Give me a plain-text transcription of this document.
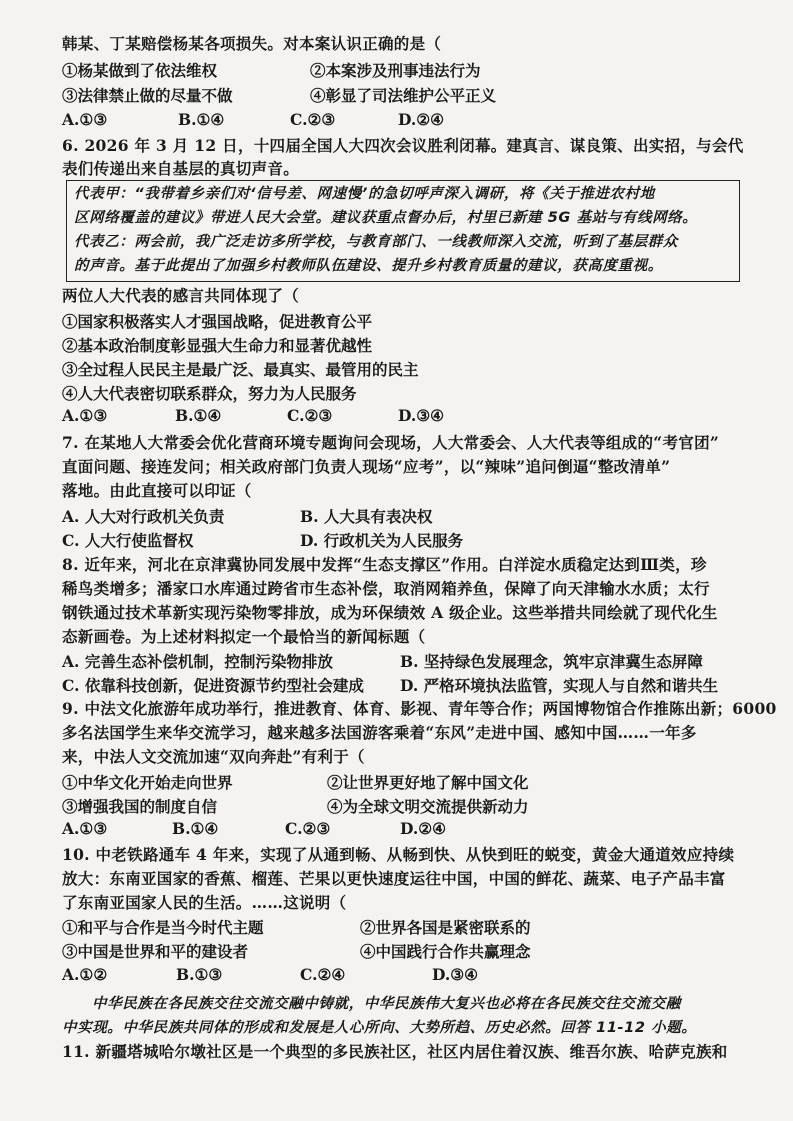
韩某、丁某赔偿杨某各项损失。对本案认识正确的是（
①杨某做到了依法维权	②本案涉及刑事违法行为
③法律禁止做的尽量不做	④彰显了司法维护公平正义
A.①③	B.①④	C.②③	D.②④
6. 2026 年 3 月 12 日，十四届全国人大四次会议胜利闭幕。建真言、谋良策、出实招，与会代
表们传递出来自基层的真切声音。
代表甲：“我带着乡亲们对‘信号差、网速慢’的急切呼声深入调研，将《关于推进农村地
区网络覆盖的建议》带进人民大会堂。建议获重点督办后，村里已新建 5G 基站与有线网络。
代表乙：两会前，我广泛走访多所学校，与教育部门、一线教师深入交流，听到了基层群众
的声音。基于此提出了加强乡村教师队伍建设、提升乡村教育质量的建议，获高度重视。
两位人大代表的感言共同体现了（
①国家积极落实人才强国战略，促进教育公平
②基本政治制度彰显强大生命力和显著优越性
③全过程人民民主是最广泛、最真实、最管用的民主
④人大代表密切联系群众，努力为人民服务
A.①③	B.①④	C.②③	D.③④
7. 在某地人大常委会优化营商环境专题询问会现场，人大常委会、人大代表等组成的“考官团”
直面问题、接连发问；相关政府部门负责人现场“应考”，以“辣味”追问倒逼“整改清单”
落地。由此直接可以印证（
A. 人大对行政机关负责	B. 人大具有表决权
C. 人大行使监督权	D. 行政机关为人民服务
8. 近年来，河北在京津冀协同发展中发挥“生态支撑区”作用。白洋淀水质稳定达到Ⅲ类，珍
稀鸟类增多；潘家口水库通过跨省市生态补偿，取消网箱养鱼，保障了向天津输水水质；太行
钢铁通过技术革新实现污染物零排放，成为环保绩效 A 级企业。这些举措共同绘就了现代化生
态新画卷。为上述材料拟定一个最恰当的新闻标题（
A. 完善生态补偿机制，控制污染物排放	B. 坚持绿色发展理念，筑牢京津冀生态屏障
C. 依靠科技创新，促进资源节约型社会建成 D. 严格环境执法监管，实现人与自然和谐共生
9. 中法文化旅游年成功举行，推进教育、体育、影视、青年等合作；两国博物馆合作推陈出新；6000
多名法国学生来华交流学习，越来越多法国游客乘着“东风”走进中国、感知中国……一年多
来，中法人文交流加速“双向奔赴”有利于（
①中华文化开始走向世界	②让世界更好地了解中国文化
③增强我国的制度自信	④为全球文明交流提供新动力
A.①③	B.①④	C.②③	D.②④
10. 中老铁路通车 4 年来，实现了从通到畅、从畅到快、从快到旺的蜕变，黄金大通道效应持续
放大：东南亚国家的香蕉、榴莲、芒果以更快速度运往中国，中国的鲜花、蔬菜、电子产品丰富
了东南亚国家人民的生活。……这说明（
①和平与合作是当今时代主题	②世界各国是紧密联系的
③中国是世界和平的建设者	④中国践行合作共赢理念
A.①②	B.①③	C.②④	D.③④
中华民族在各民族交往交流交融中铸就，中华民族伟大复兴也必将在各民族交往交流交融
中实现。中华民族共同体的形成和发展是人心所向、大势所趋、历史必然。回答 11-12 小题。
11. 新疆塔城哈尔墩社区是一个典型的多民族社区，社区内居住着汉族、维吾尔族、哈萨克族和
